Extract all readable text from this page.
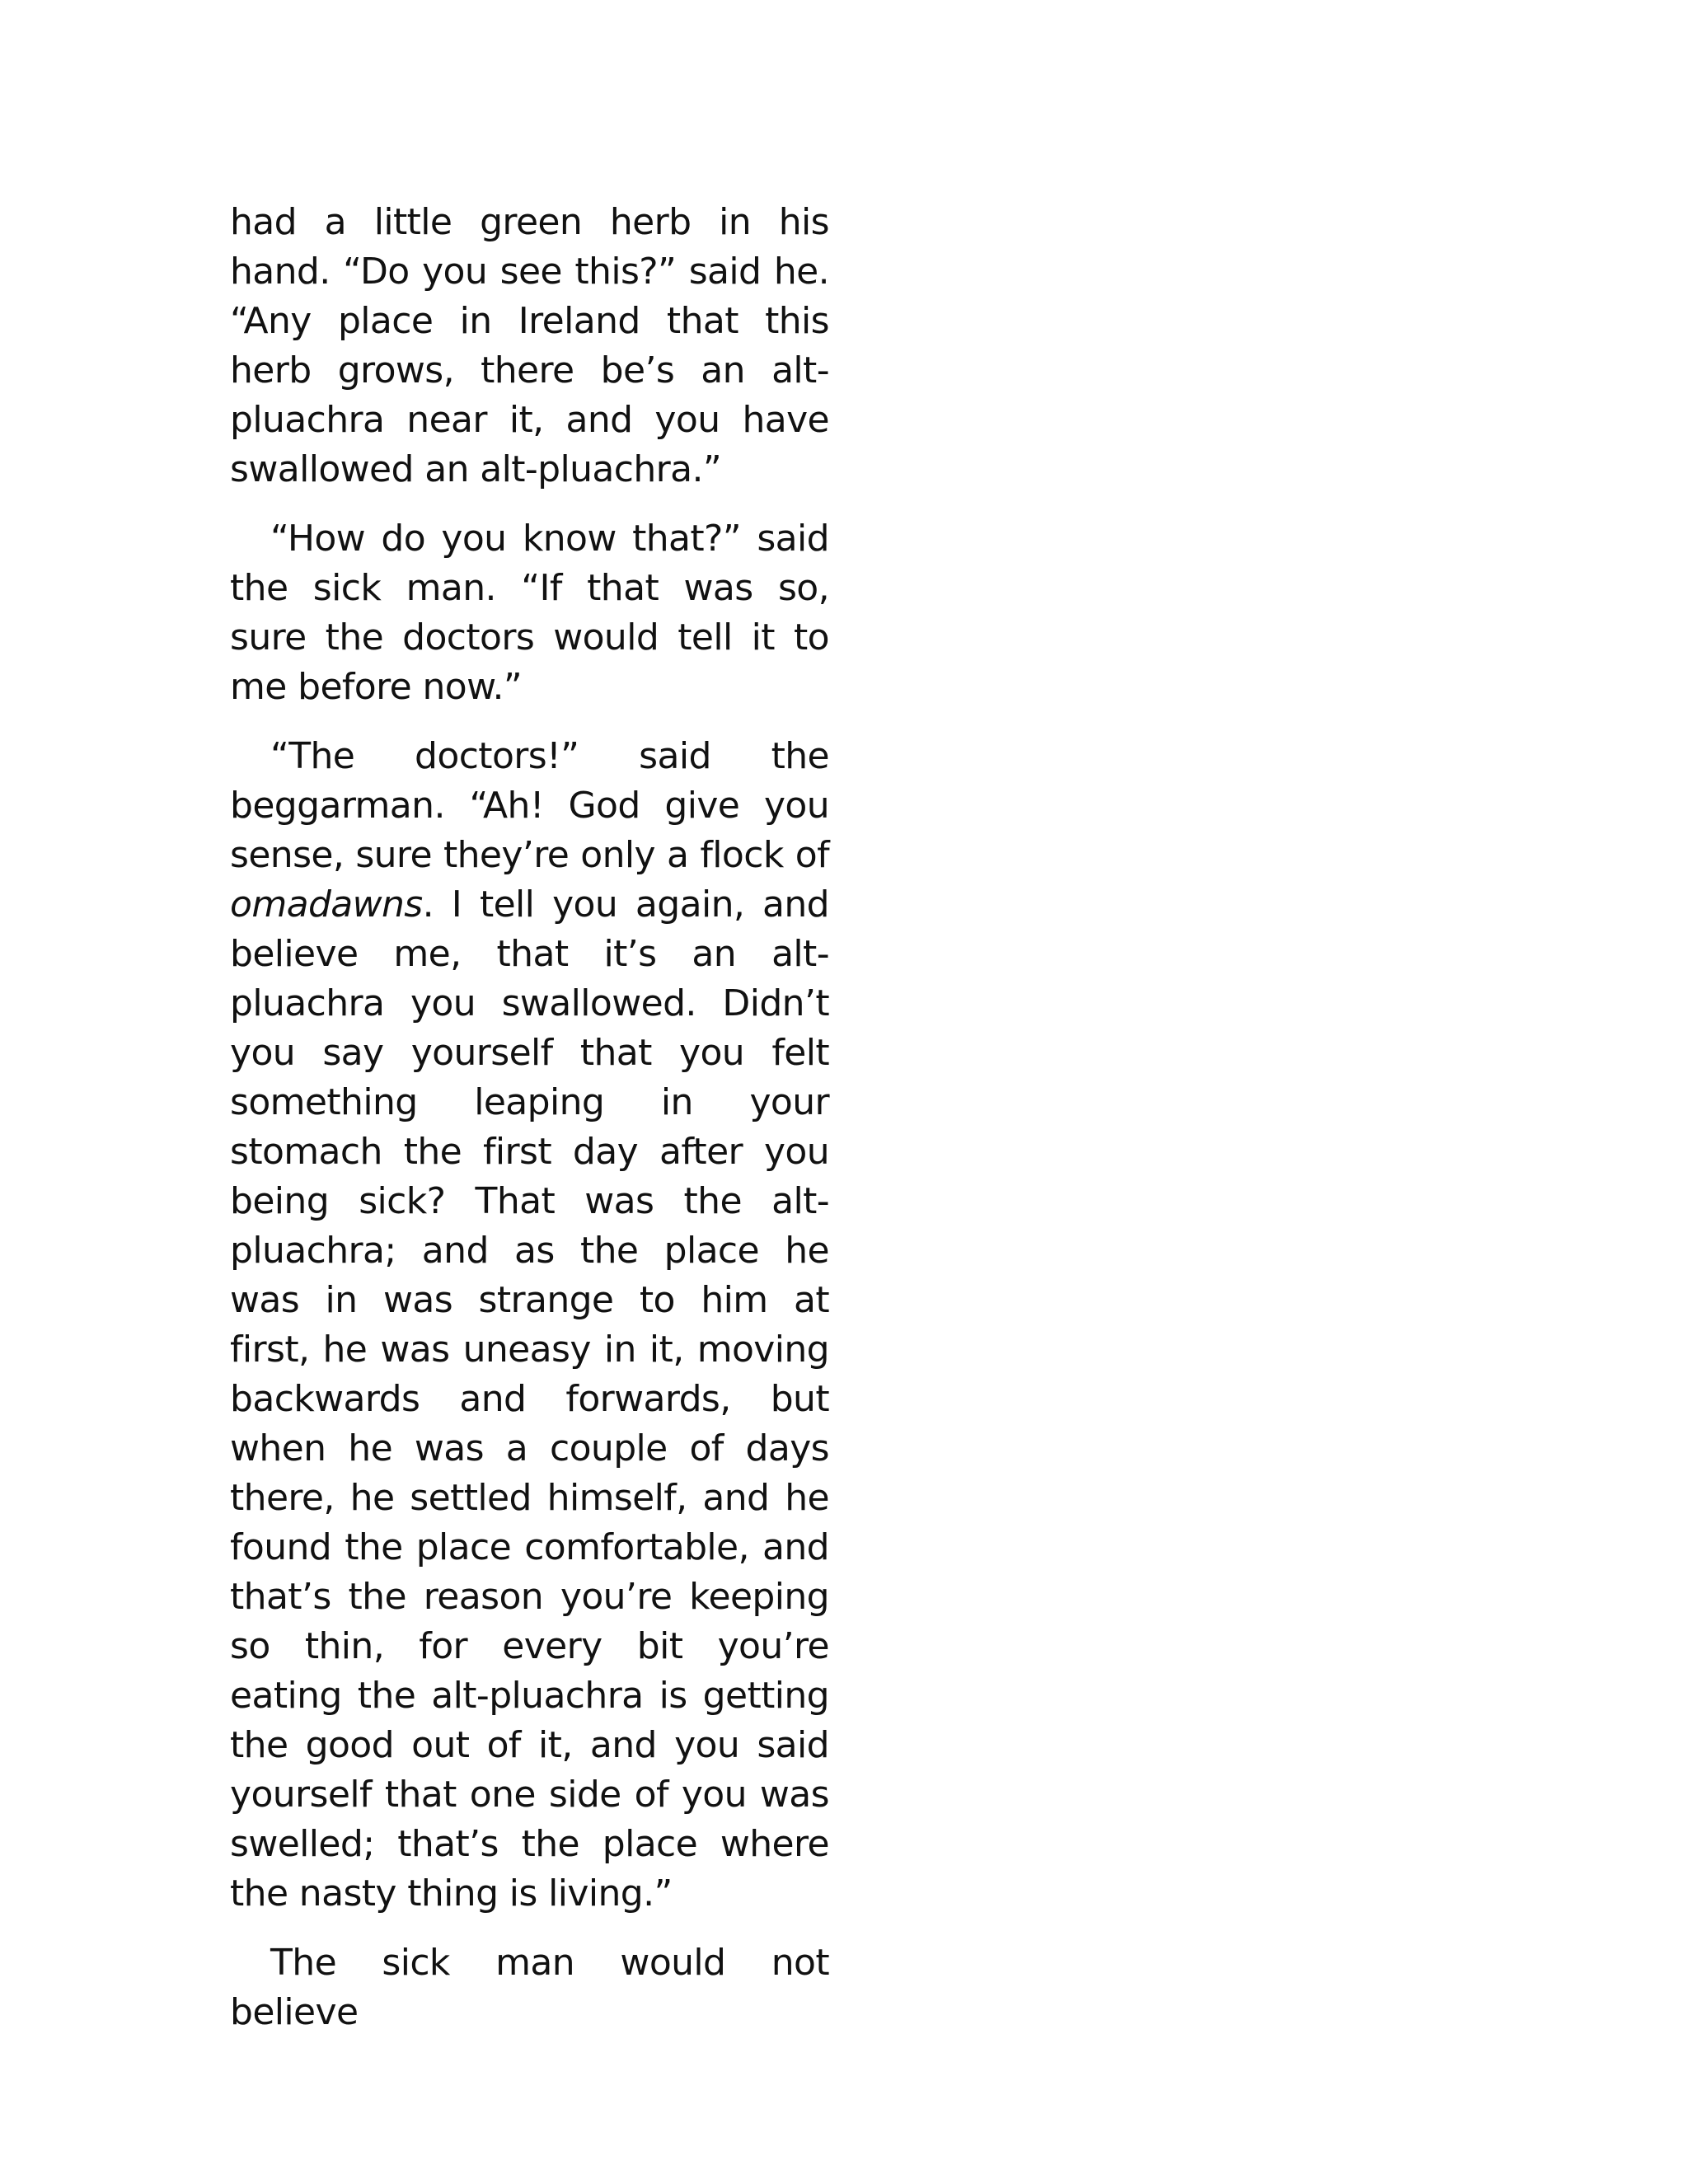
had a little green herb in his hand. “Do you see this?” said he. “Any place in Ireland that this herb grows, there be’s an alt-pluachra near it, and you have swallowed an alt-pluachra.”

“How do you know that?” said the sick man. “If that was so, sure the doctors would tell it to me before now.”

“The doctors!” said the beggarman. “Ah! God give you sense, sure they’re only a flock of omadawns. I tell you again, and believe me, that it’s an alt-pluachra you swallowed. Didn’t you say yourself that you felt something leaping in your stomach the first day after you being sick? That was the alt-pluachra; and as the place he was in was strange to him at first, he was uneasy in it, moving backwards and forwards, but when he was a couple of days there, he settled himself, and he found the place comfortable, and that’s the reason you’re keeping so thin, for every bit you’re eating the alt-pluachra is getting the good out of it, and you said yourself that one side of you was swelled; that’s the place where the nasty thing is living.”

The sick man would not believe
